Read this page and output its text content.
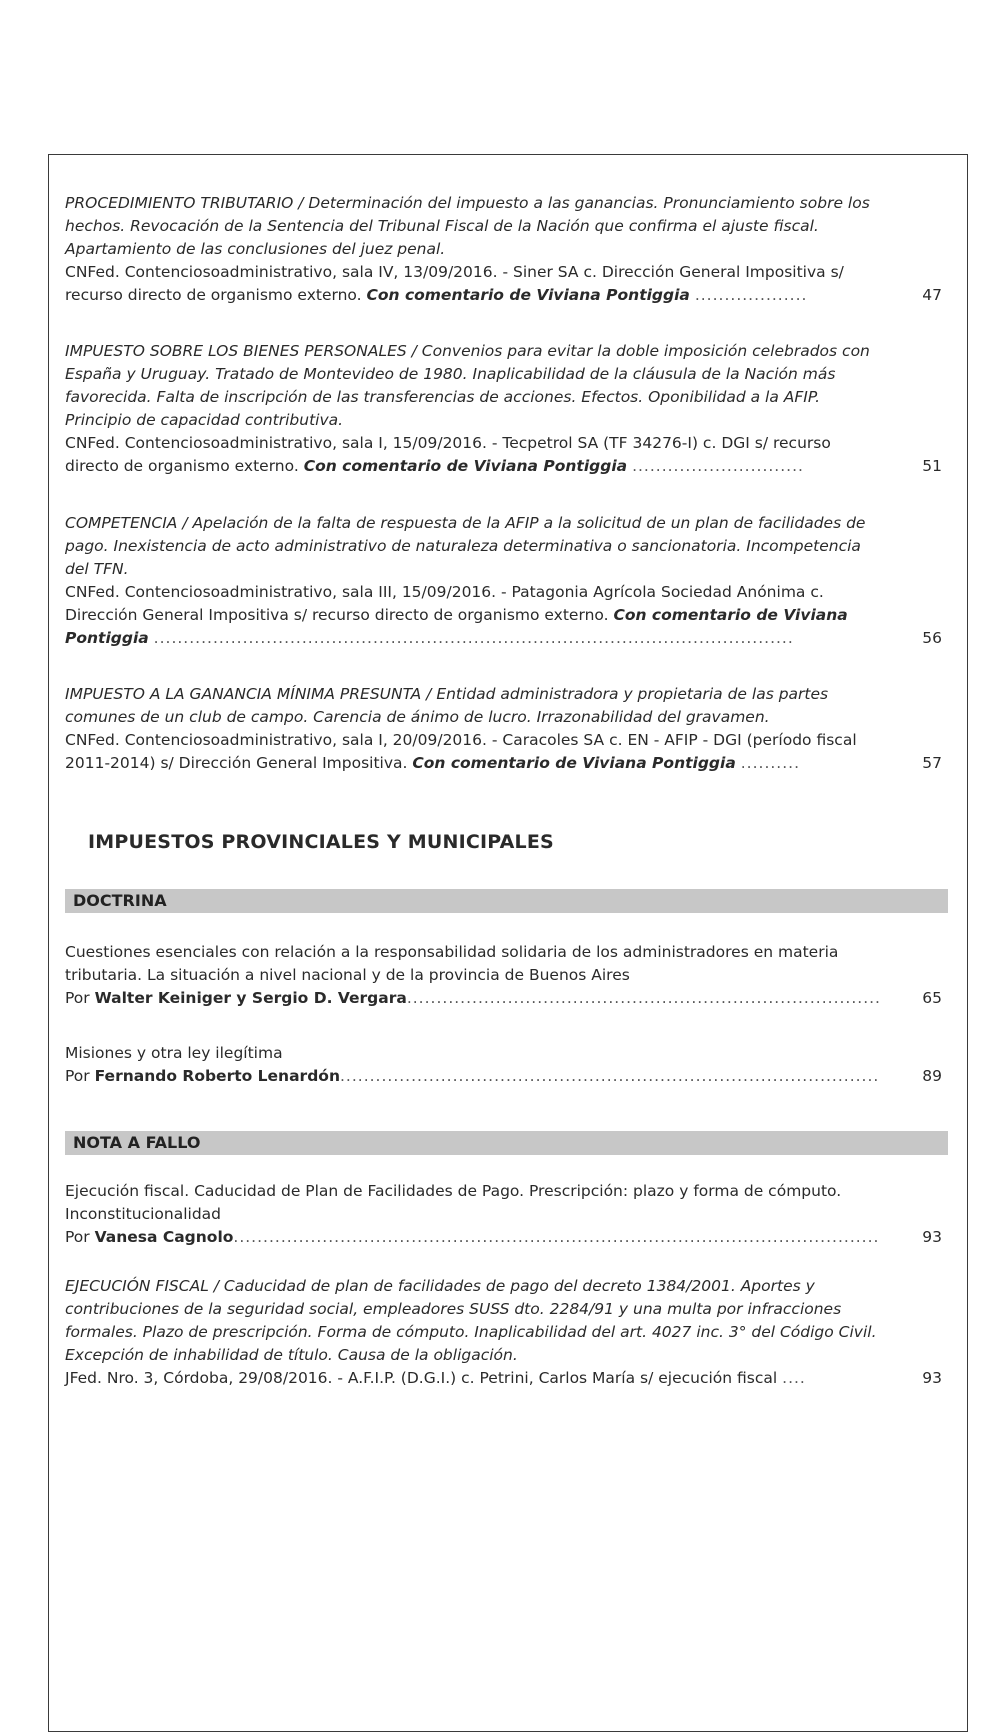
PROCEDIMIENTO TRIBUTARIO / Determinación del impuesto a las ganancias. Pronunciamiento sobre los hechos. Revocación de la Sentencia del Tribunal Fiscal de la Nación que confirma el ajuste fiscal. Apartamiento de las conclusiones del juez penal.
CNFed. Contenciosoadministrativo, sala IV, 13/09/2016. - Siner SA c. Dirección General Impositiva s/ recurso directo de organismo externo. Con comentario de Viviana Pontiggia .....	47
IMPUESTO SOBRE LOS BIENES PERSONALES / Convenios para evitar la doble imposición celebrados con España y Uruguay. Tratado de Montevideo de 1980. Inaplicabilidad de la cláusula de la Nación más favorecida. Falta de inscripción de las transferencias de acciones. Efectos. Oponibilidad a la AFIP. Principio de capacidad contributiva.
CNFed. Contenciosoadministrativo, sala I, 15/09/2016. - Tecpetrol SA (TF 34276-I) c. DGI s/ recurso directo de organismo externo. Con comentario de Viviana Pontiggia .....	51
COMPETENCIA / Apelación de la falta de respuesta de la AFIP a la solicitud de un plan de facilidades de pago. Inexistencia de acto administrativo de naturaleza determinativa o sancionatoria. Incompetencia del TFN.
CNFed. Contenciosoadministrativo, sala III, 15/09/2016. - Patagonia Agrícola Sociedad Anónima c. Dirección General Impositiva s/ recurso directo de organismo externo. Con comentario de Viviana Pontiggia .....	56
IMPUESTO A LA GANANCIA MÍNIMA PRESUNTA / Entidad administradora y propietaria de las partes comunes de un club de campo. Carencia de ánimo de lucro. Irrazonabilidad del gravamen.
CNFed. Contenciosoadministrativo, sala I, 20/09/2016. - Caracoles SA c. EN - AFIP - DGI (período fiscal 2011-2014) s/ Dirección General Impositiva. Con comentario de Viviana Pontiggia .....	57
IMPUESTOS PROVINCIALES Y MUNICIPALES
DOCTRINA
Cuestiones esenciales con relación a la responsabilidad solidaria de los administradores en materia tributaria. La situación a nivel nacional y de la provincia de Buenos Aires
Por Walter Keiniger y Sergio D. Vergara .....	65
Misiones y otra ley ilegítima
Por Fernando Roberto Lenardón .....	89
NOTA A FALLO
Ejecución fiscal. Caducidad de Plan de Facilidades de Pago. Prescripción: plazo y forma de cómputo. Inconstitucionalidad
Por Vanesa Cagnolo .....	93
EJECUCIÓN FISCAL / Caducidad de plan de facilidades de pago del decreto 1384/2001. Aportes y contribuciones de la seguridad social, empleadores SUSS dto. 2284/91 y una multa por infracciones formales. Plazo de prescripción. Forma de cómputo. Inaplicabilidad del art. 4027 inc. 3° del Código Civil. Excepción de inhabilidad de título. Causa de la obligación.
JFed. Nro. 3, Córdoba, 29/08/2016. - A.F.I.P. (D.G.I.) c. Petrini, Carlos María s/ ejecución fiscal .....	93
